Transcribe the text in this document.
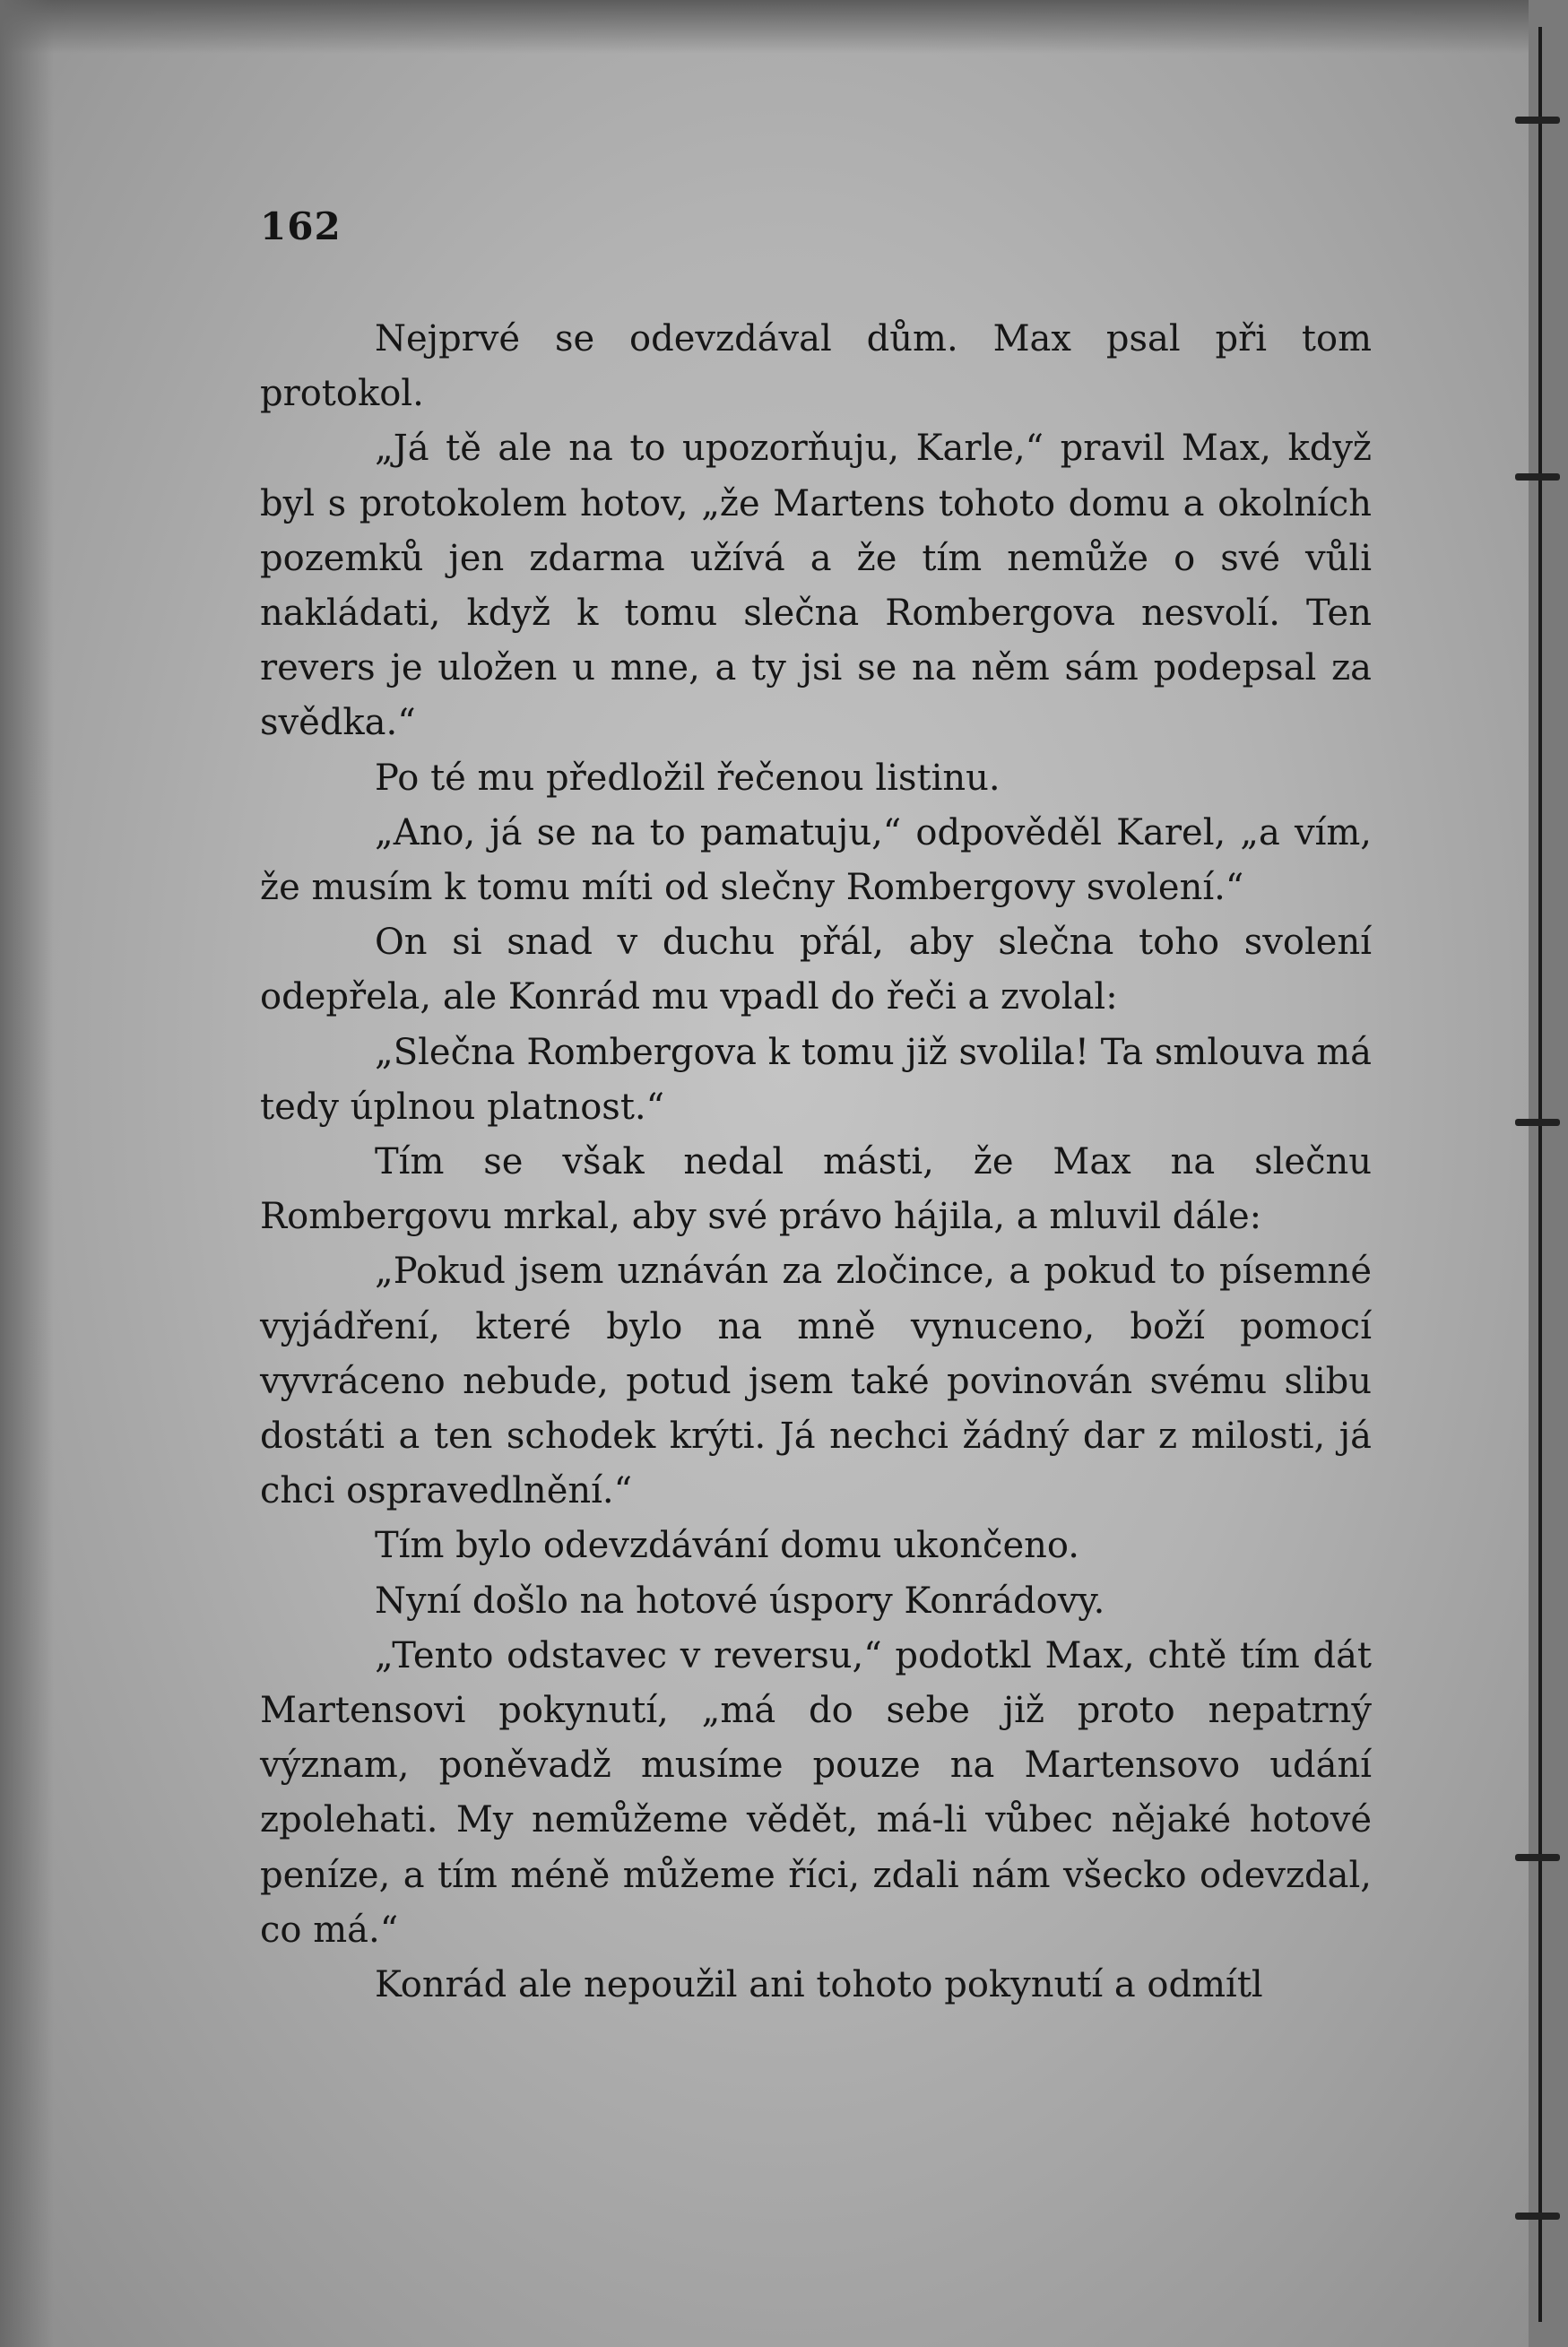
162

Nejprvé se odevzdával dům. Max psal při tom protokol.

„Já tě ale na to upozorňuju, Karle,“ pravil Max, když byl s protokolem hotov, „že Martens tohoto domu a okolních pozemků jen zdarma užívá a že tím nemůže o své vůli nakládati, když k tomu slečna Rombergova nesvolí. Ten revers je uložen u mne, a ty jsi se na něm sám podepsal za svědka.“

Po té mu předložil řečenou listinu.

„Ano, já se na to pamatuju,“ odpověděl Karel, „a vím, že musím k tomu míti od slečny Rombergovy svolení.“

On si snad v duchu přál, aby slečna toho svolení odepřela, ale Konrád mu vpadl do řeči a zvolal:

„Slečna Rombergova k tomu již svolila! Ta smlouva má tedy úplnou platnost.“

Tím se však nedal másti, že Max na slečnu Rombergovu mrkal, aby své právo hájila, a mluvil dále:

„Pokud jsem uznáván za zločince, a pokud to písemné vyjádření, které bylo na mně vynuceno, boží pomocí vyvráceno nebude, potud jsem také povinován svému slibu dostáti a ten schodek krýti. Já nechci žádný dar z milosti, já chci ospravedlnění.“

Tím bylo odevzdávání domu ukončeno.

Nyní došlo na hotové úspory Konrádovy.

„Tento odstavec v reversu,“ podotkl Max, chtě tím dát Martensovi pokynutí, „má do sebe již proto nepatrný význam, poněvadž musíme pouze na Martensovo udání zpolehati. My nemůžeme vědět, má-li vůbec nějaké hotové peníze, a tím méně můžeme říci, zdali nám všecko odevzdal, co má.“

Konrád ale nepoužil ani tohoto pokynutí a odmítl
